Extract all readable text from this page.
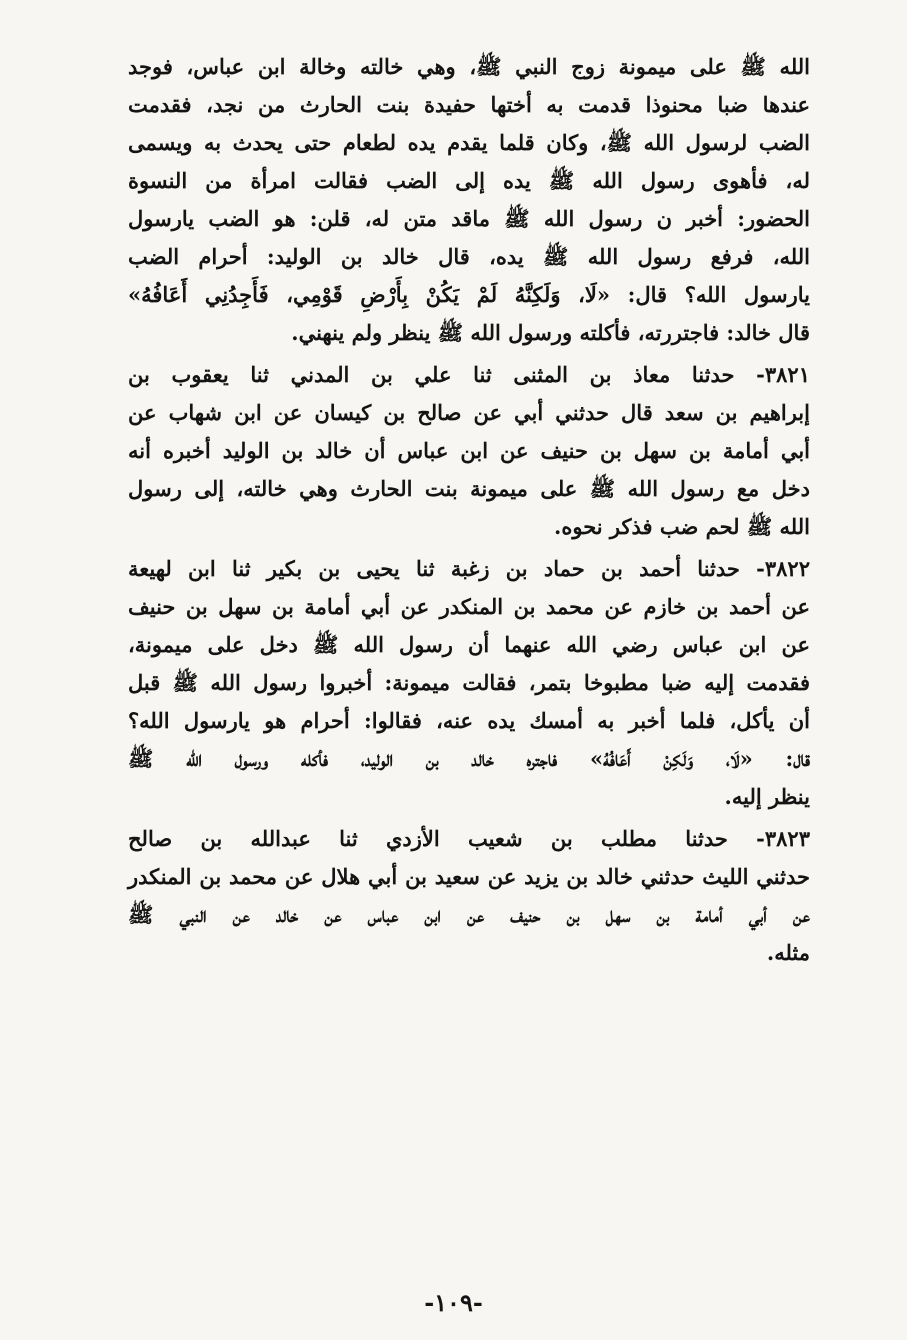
الله ﷺ على ميمونة زوج النبي ﷺ، وهي خالته وخالة ابن عباس، فوجد
عندها ضبا محنوذا قدمت به أختها حفيدة بنت الحارث من نجد، فقدمت
الضب لرسول الله ﷺ، وكان قلما يقدم يده لطعام حتى يحدث به ويسمى
له، فأهوى رسول الله ﷺ يده إلى الضب فقالت امرأة من النسوة
الحضور: أخبر ن رسول الله ﷺ ماقد متن له، قلن: هو الضب يارسول
الله، فرفع رسول الله ﷺ يده، قال خالد بن الوليد: أحرام الضب
يارسول الله؟ قال: «لَا، وَلَكِنَّهُ لَمْ يَكُنْ بِأَرْضِ قَوْمِي، فَأَجِدُنِي أَعَافُهُ»
قال خالد: فاجتررته، فأكلته ورسول الله ﷺ ينظر ولم ينهني.
٣٨٢١- حدثنا معاذ بن المثنى ثنا علي بن المدني ثنا يعقوب بن
إبراهيم بن سعد قال حدثني أبي عن صالح بن كيسان عن ابن شهاب عن
أبي أمامة بن سهل بن حنيف عن ابن عباس أن خالد بن الوليد أخبره أنه
دخل مع رسول الله ﷺ على ميمونة بنت الحارث وهي خالته، إلى رسول
الله ﷺ لحم ضب فذكر نحوه.
٣٨٢٢- حدثنا أحمد بن حماد بن زغبة ثنا يحيى بن بكير ثنا ابن لهيعة
عن أحمد بن خازم عن محمد بن المنكدر عن أبي أمامة بن سهل بن حنيف
عن ابن عباس رضي الله عنهما أن رسول الله ﷺ دخل على ميمونة،
فقدمت إليه ضبا مطبوخا بتمر، فقالت ميمونة: أخبروا رسول الله ﷺ قبل
أن يأكل، فلما أخبر به أمسك يده عنه، فقالوا: أحرام هو يارسول الله؟
قال: «لَا، وَلَكِنْ أَعَافُهُ» فاجتره خالد بن الوليد، فأكله ورسول الله ﷺ
ينظر إليه.
٣٨٢٣- حدثنا مطلب بن شعيب الأزدي ثنا عبدالله بن صالح
حدثني الليث حدثني خالد بن يزيد عن سعيد بن أبي هلال عن محمد بن المنكدر
عن أبي أمامة بن سهل بن حنيف عن ابن عباس عن خالد عن النبي ﷺ
مثله.
-١٠٩-
